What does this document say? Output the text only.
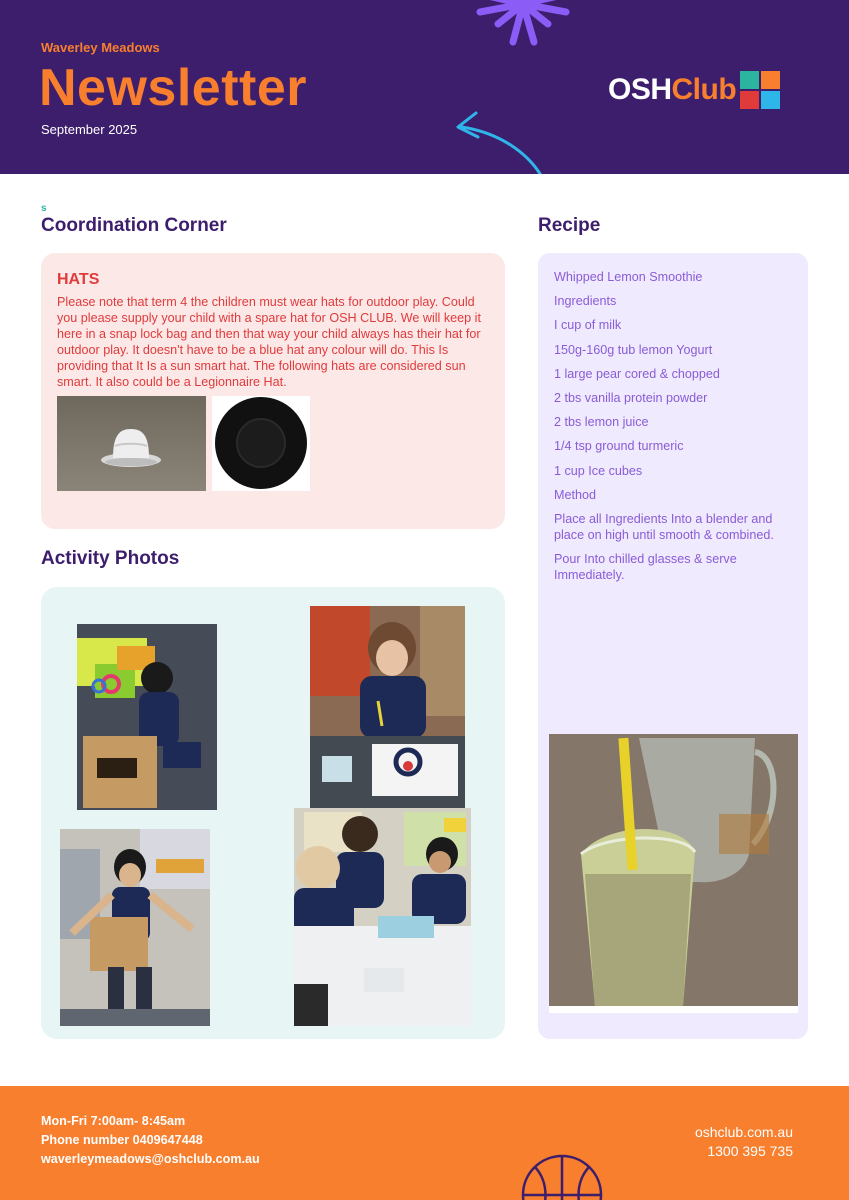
Waverley Meadows
Newsletter
September 2025
OSH Club
s
Coordination Corner
HATS
Please note that term 4 the children must wear hats for outdoor play. Could you please supply your child with a spare hat for OSH CLUB. We will keep it here in a snap lock bag and then that way your child always has their hat for outdoor play. It doesn't have to be a blue hat any colour will do. This Is providing that It Is a sun smart hat. The following hats are considered sun smart. It also could be a Legionnaire Hat.
Activity Photos
Recipe
Whipped Lemon Smoothie
Ingredients
I cup of milk
150g-160g tub lemon Yogurt
1 large pear cored & chopped
2 tbs vanilla protein powder
2 tbs lemon juice
1/4 tsp ground turmeric
1 cup Ice cubes
Method
Place all Ingredients Into a blender and place on high until smooth & combined.
Pour Into chilled glasses & serve Immediately.
Mon-Fri 7:00am- 8:45am
Phone number 0409647448
waverleymeadows@oshclub.com.au
oshclub.com.au
1300 395 735
